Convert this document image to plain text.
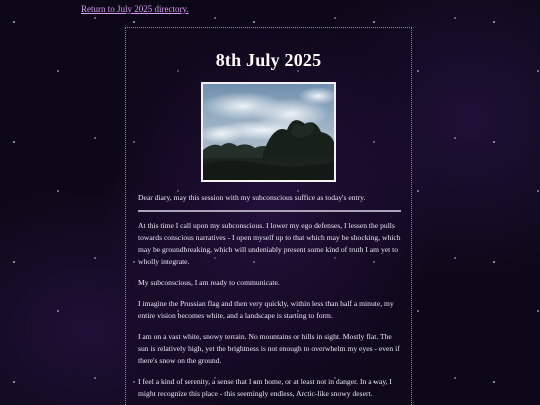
Return to July 2025 directory.
8th July 2025

Dear diary, may this session with my subconscious suffice as today's entry.

At this time I call upon my subconscious. I lower my ego defenses, I lessen the pulls towards conscious narratives - I open myself up to that which may be shocking, which may be groundbreaking, which will undeniably present some kind of truth I am yet to wholly integrate.

My subconscious, I am ready to communicate.

I imagine the Prussian flag and then very quickly, within less than half a minute, my entire vision becomes white, and a landscape is starting to form.

I am on a vast white, snowy terrain. No mountains or hills in sight. Mostly flat. The sun is relatively high, yet the brightness is not enough to overwhelm my eyes - even if there's snow on the ground.

I feel a kind of serenity, a sense that I am home, or at least not in danger. In a way, I might recognize this place - this seemingly endless, Arctic-like snowy desert.
